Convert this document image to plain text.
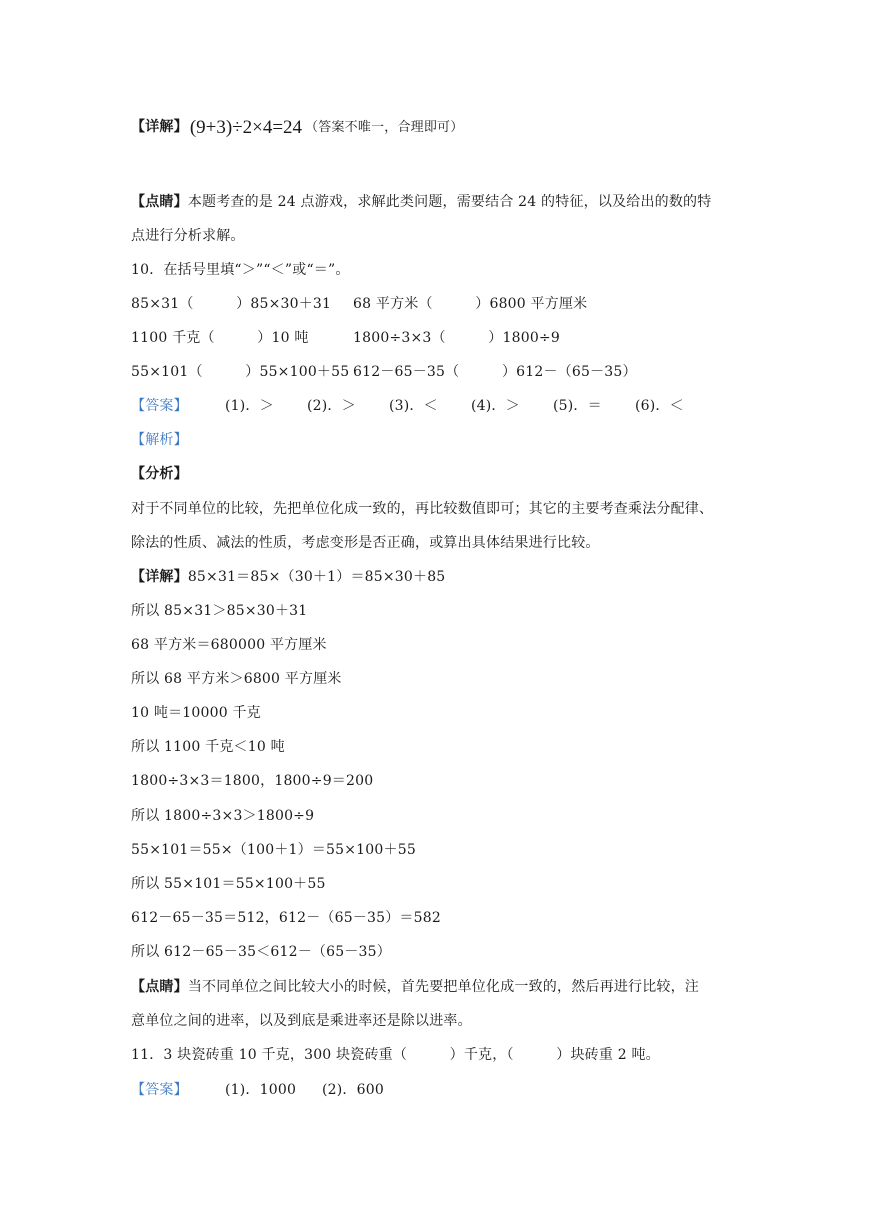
【详解】 (9+3)÷2×4=24 （答案不唯一，合理即可）
【点睛】本题考查的是 24 点游戏，求解此类问题，需要结合 24 的特征，以及给出的数的特
点进行分析求解。
10．在括号里填“＞”“＜”或“＝”。
85×31（　　　）85×30＋31 68 平方米（　　　）6800 平方厘米
1100 千克（　　　）10 吨	1800÷3×3（　　　）1800÷9
55×101（　　　）55×100＋55 612－65－35（　　　）612－（65－35）
【答案】	(1)．＞ (2)．＞ (3)．＜ (4)．＞ (5)．＝ (6)．＜
【解析】
【分析】
对于不同单位的比较，先把单位化成一致的，再比较数值即可；其它的主要考查乘法分配律、
除法的性质、减法的性质，考虑变形是否正确，或算出具体结果进行比较。
【详解】85×31＝85×（30＋1）＝85×30＋85
所以 85×31＞85×30＋31
68 平方米＝680000 平方厘米
所以 68 平方米＞6800 平方厘米
10 吨＝10000 千克
所以 1100 千克＜10 吨
1800÷3×3＝1800，1800÷9＝200
所以 1800÷3×3＞1800÷9
55×101＝55×（100＋1）＝55×100＋55
所以 55×101＝55×100＋55
612－65－35＝512，612－（65－35）＝582
所以 612－65－35＜612－（65－35）
【点睛】当不同单位之间比较大小的时候，首先要把单位化成一致的，然后再进行比较，注
意单位之间的进率，以及到底是乘进率还是除以进率。
11．3 块瓷砖重 10 千克，300 块瓷砖重（　　　）千克，（　　　）块砖重 2 吨。
【答案】	(1)．1000 (2)．600
